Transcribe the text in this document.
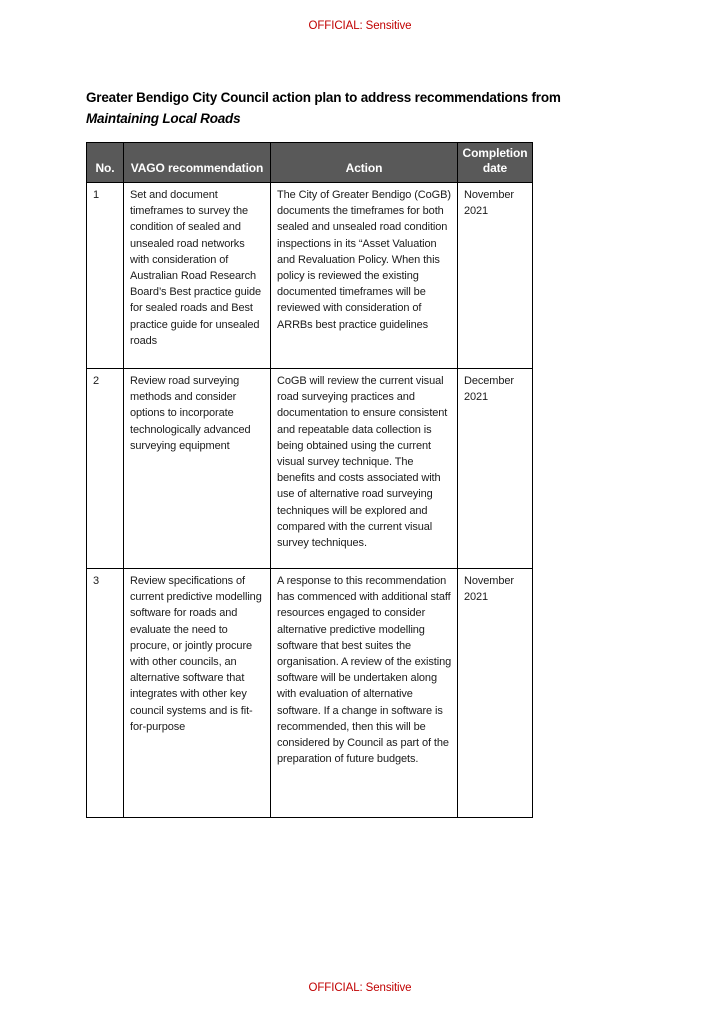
OFFICIAL: Sensitive
Greater Bendigo City Council action plan to address recommendations from
Maintaining Local Roads
No.	VAGO recommendation	Action	Completion date
1	Set and document timeframes to survey the condition of sealed and unsealed road networks with consideration of Australian Road Research Board’s Best practice guide for sealed roads and Best practice guide for unsealed roads	The City of Greater Bendigo (CoGB) documents the timeframes for both sealed and unsealed road condition inspections in its “Asset Valuation and Revaluation Policy. When this policy is reviewed the existing documented timeframes will be reviewed with consideration of ARRBs best practice guidelines	November 2021
2	Review road surveying methods and consider options to incorporate technologically advanced surveying equipment	CoGB will review the current visual road surveying practices and documentation to ensure consistent and repeatable data collection is being obtained using the current visual survey technique. The benefits and costs associated with use of alternative road surveying techniques will be explored and compared with the current visual survey techniques.	December 2021
3	Review specifications of current predictive modelling software for roads and evaluate the need to procure, or jointly procure with other councils, an alternative software that integrates with other key council systems and is fit-for-purpose	A response to this recommendation has commenced with additional staff resources engaged to consider alternative predictive modelling software that best suites the organisation. A review of the existing software will be undertaken along with evaluation of alternative software. If a change in software is recommended, then this will be considered by Council as part of the preparation of future budgets.	November 2021
OFFICIAL: Sensitive
